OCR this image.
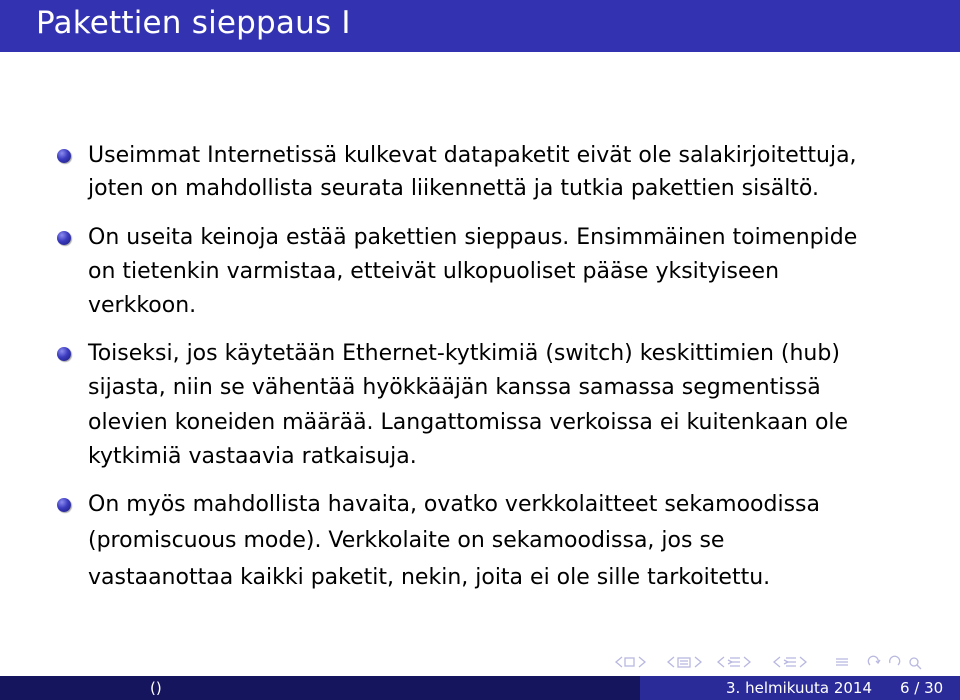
Pakettien sieppaus I
Useimmat Internetissä kulkevat datapaketit eivät ole salakirjoitettuja,
joten on mahdollista seurata liikennettä ja tutkia pakettien sisältö.
On useita keinoja estää pakettien sieppaus. Ensimmäinen toimenpide
on tietenkin varmistaa, etteivät ulkopuoliset pääse yksityiseen
verkkoon.
Toiseksi, jos käytetään Ethernet-kytkimiä (switch) keskittimien (hub)
sijasta, niin se vähentää hyökkääjän kanssa samassa segmentissä
olevien koneiden määrää. Langattomissa verkoissa ei kuitenkaan ole
kytkimiä vastaavia ratkaisuja.
On myös mahdollista havaita, ovatko verkkolaitteet sekamoodissa
(promiscuous mode). Verkkolaite on sekamoodissa, jos se
vastaanottaa kaikki paketit, nekin, joita ei ole sille tarkoitettu.
()	3. helmikuuta 2014 6 / 30
